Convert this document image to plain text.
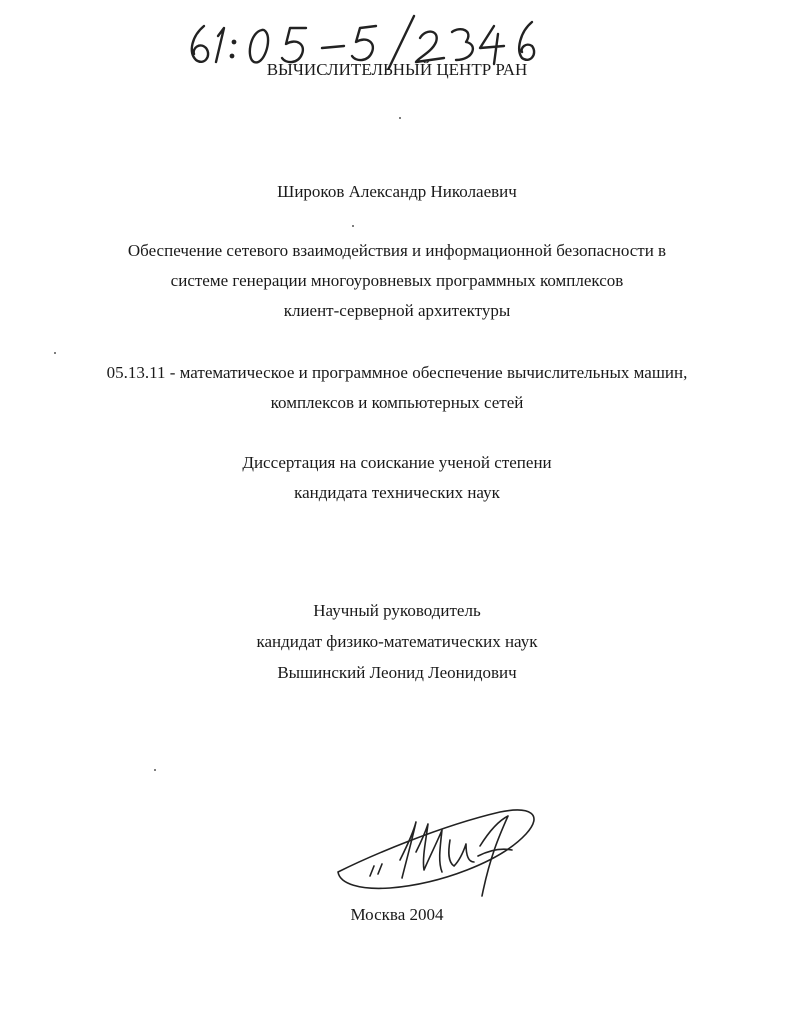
ВЫЧИСЛИТЕЛЬНЫЙ ЦЕНТР РАН
Широков Александр Николаевич
Обеспечение сетевого взаимодействия и информационной безопасности в
системе генерации многоуровневых программных комплексов
клиент-серверной архитектуры
05.13.11 - математическое и программное обеспечение вычислительных машин,
комплексов и компьютерных сетей
Диссертация на соискание ученой степени
кандидата технических наук
Научный руководитель
кандидат физико-математических наук
Вышинский Леонид Леонидович
Москва 2004
